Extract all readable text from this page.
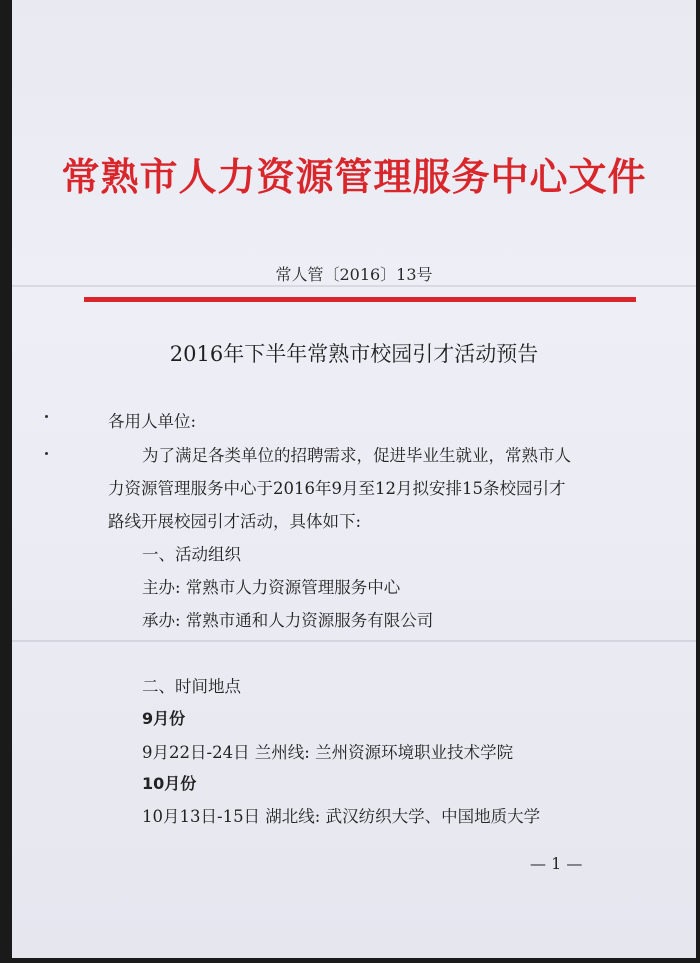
常熟市人力资源管理服务中心文件
常人管〔2016〕13号
2016年下半年常熟市校园引才活动预告
各用人单位:
为了满足各类单位的招聘需求，促进毕业生就业，常熟市人
力资源管理服务中心于2016年9月至12月拟安排15条校园引才
路线开展校园引才活动，具体如下:
一、活动组织
主办: 常熟市人力资源管理服务中心
承办: 常熟市通和人力资源服务有限公司
二、时间地点
9月份
9月22日-24日 兰州线: 兰州资源环境职业技术学院
10月份
10月13日-15日 湖北线: 武汉纺织大学、中国地质大学
— 1 —
